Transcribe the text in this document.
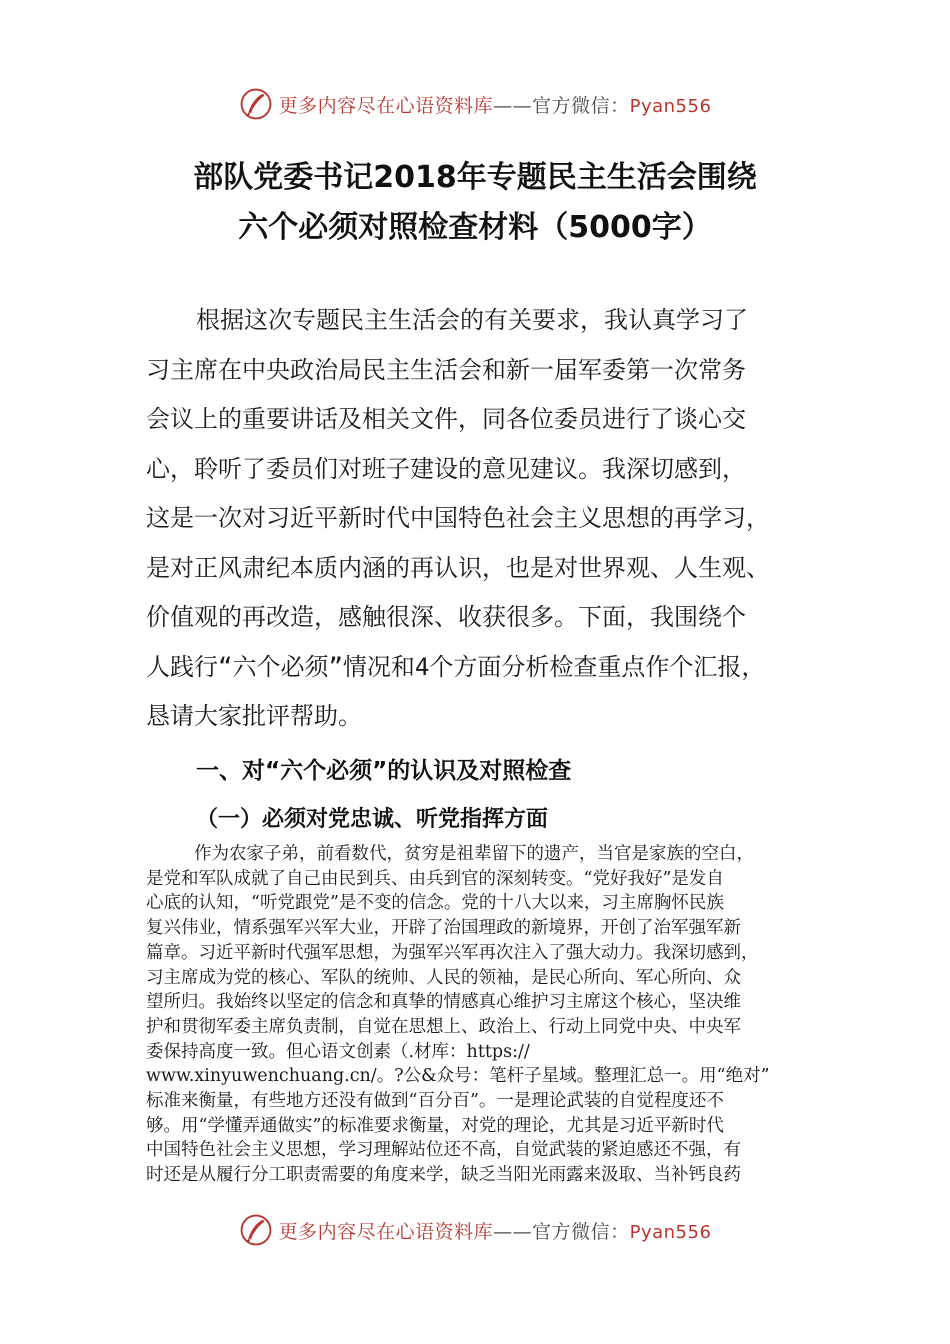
更多内容尽在心语资料库——官方微信：Pyan556
部队党委书记2018年专题民主生活会围绕
六个必须对照检查材料（5000字）
根据这次专题民主生活会的有关要求，我认真学习了
习主席在中央政治局民主生活会和新一届军委第一次常务
会议上的重要讲话及相关文件，同各位委员进行了谈心交
心，聆听了委员们对班子建设的意见建议。我深切感到，
这是一次对习近平新时代中国特色社会主义思想的再学习，
是对正风肃纪本质内涵的再认识，也是对世界观、人生观、
价值观的再改造，感触很深、收获很多。下面，我围绕个
人践行“六个必须”情况和4个方面分析检查重点作个汇报，
恳请大家批评帮助。
一、对“六个必须”的认识及对照检查
（一）必须对党忠诚、听党指挥方面
作为农家子弟，前看数代，贫穷是祖辈留下的遗产，当官是家族的空白，
是党和军队成就了自己由民到兵、由兵到官的深刻转变。“党好我好”是发自
心底的认知，“听党跟党”是不变的信念。党的十八大以来，习主席胸怀民族
复兴伟业，情系强军兴军大业，开辟了治国理政的新境界，开创了治军强军新
篇章。习近平新时代强军思想，为强军兴军再次注入了强大动力。我深切感到，
习主席成为党的核心、军队的统帅、人民的领袖，是民心所向、军心所向、众
望所归。我始终以坚定的信念和真挚的情感真心维护习主席这个核心，坚决维
护和贯彻军委主席负责制，自觉在思想上、政治上、行动上同党中央、中央军
委保持高度一致。但心语文创素（.材库：https://
www.xinyuwenchuang.cn/。?公&众号：笔杆子星域。整理汇总一。用“绝对”
标准来衡量，有些地方还没有做到“百分百”。一是理论武装的自觉程度还不
够。用“学懂弄通做实”的标准要求衡量，对党的理论，尤其是习近平新时代
中国特色社会主义思想，学习理解站位还不高，自觉武装的紧迫感还不强，有
时还是从履行分工职责需要的角度来学，缺乏当阳光雨露来汲取、当补钙良药
更多内容尽在心语资料库——官方微信：Pyan556
